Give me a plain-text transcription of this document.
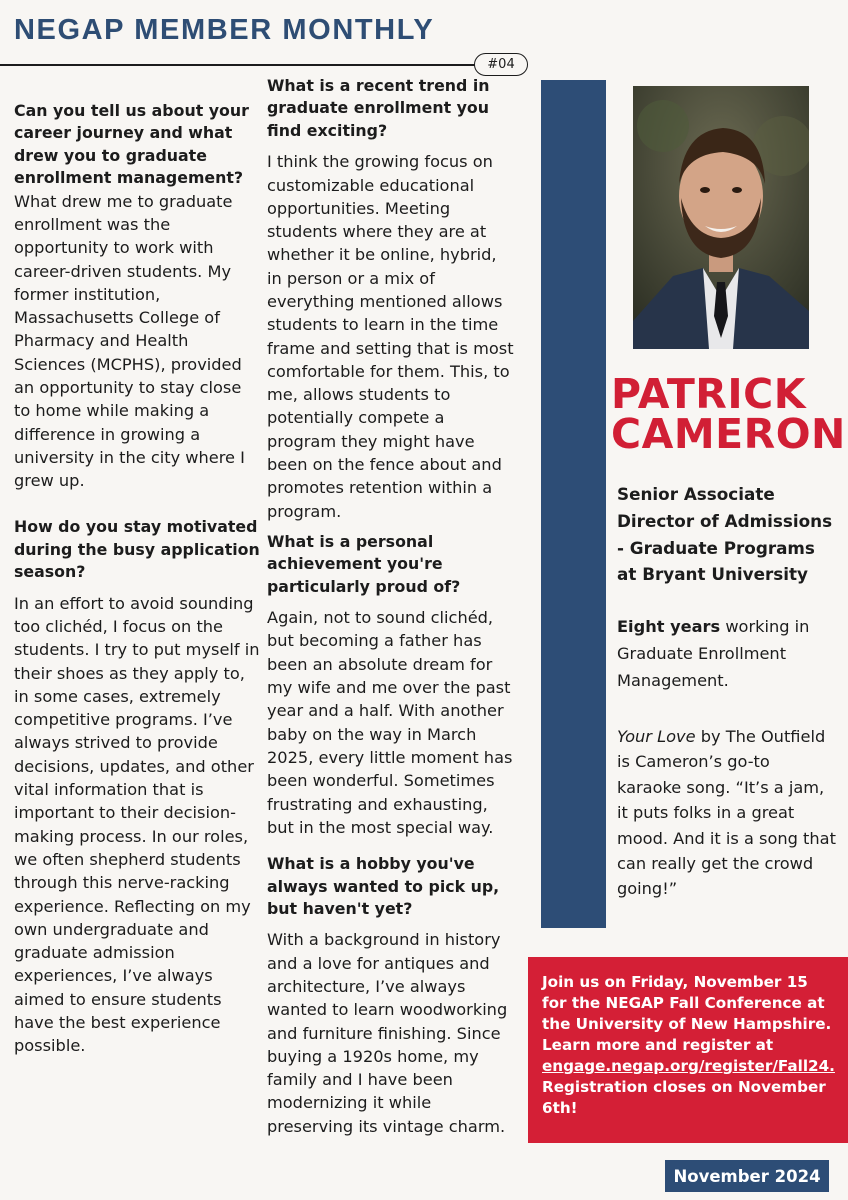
NEGAP MEMBER MONTHLY
#04
Can you tell us about your career journey and what drew you to graduate enrollment management?
What drew me to graduate enrollment was the opportunity to work with career-driven students. My former institution, Massachusetts College of Pharmacy and Health Sciences (MCPHS), provided an opportunity to stay close to home while making a difference in growing a university in the city where I grew up.
How do you stay motivated during the busy application season?
In an effort to avoid sounding too clichéd, I focus on the students. I try to put myself in their shoes as they apply to, in some cases, extremely competitive programs. I’ve always strived to provide decisions, updates, and other vital information that is important to their decision-making process. In our roles, we often shepherd students through this nerve-racking experience. Reflecting on my own undergraduate and graduate admission experiences, I’ve always aimed to ensure students have the best experience possible.
What is a recent trend in graduate enrollment you find exciting?
I think the growing focus on customizable educational opportunities. Meeting students where they are at whether it be online, hybrid, in person or a mix of everything mentioned allows students to learn in the time frame and setting that is most comfortable for them. This, to me, allows students to potentially compete a program they might have been on the fence about and promotes retention within a program.
What is a personal achievement you're particularly proud of?
Again, not to sound clichéd, but becoming a father has been an absolute dream for my wife and me over the past year and a half. With another baby on the way in March 2025, every little moment has been wonderful. Sometimes frustrating and exhausting, but in the most special way.
What is a hobby you've always wanted to pick up, but haven't yet?
With a background in history and a love for antiques and architecture, I’ve always wanted to learn woodworking and furniture finishing. Since buying a 1920s home, my family and I have been modernizing it while preserving its vintage charm.
PATRICK
CAMERON
Senior Associate Director of Admissions - Graduate Programs at Bryant University
Eight years working in Graduate Enrollment Management.
Your Love by The Outfield is Cameron’s go-to karaoke song. “It’s a jam, it puts folks in a great mood. And it is a song that can really get the crowd going!”
Join us on Friday, November 15 for the NEGAP Fall Conference at the University of New Hampshire. Learn more and register at engage.negap.org/register/Fall24. Registration closes on November 6th!
November 2024
